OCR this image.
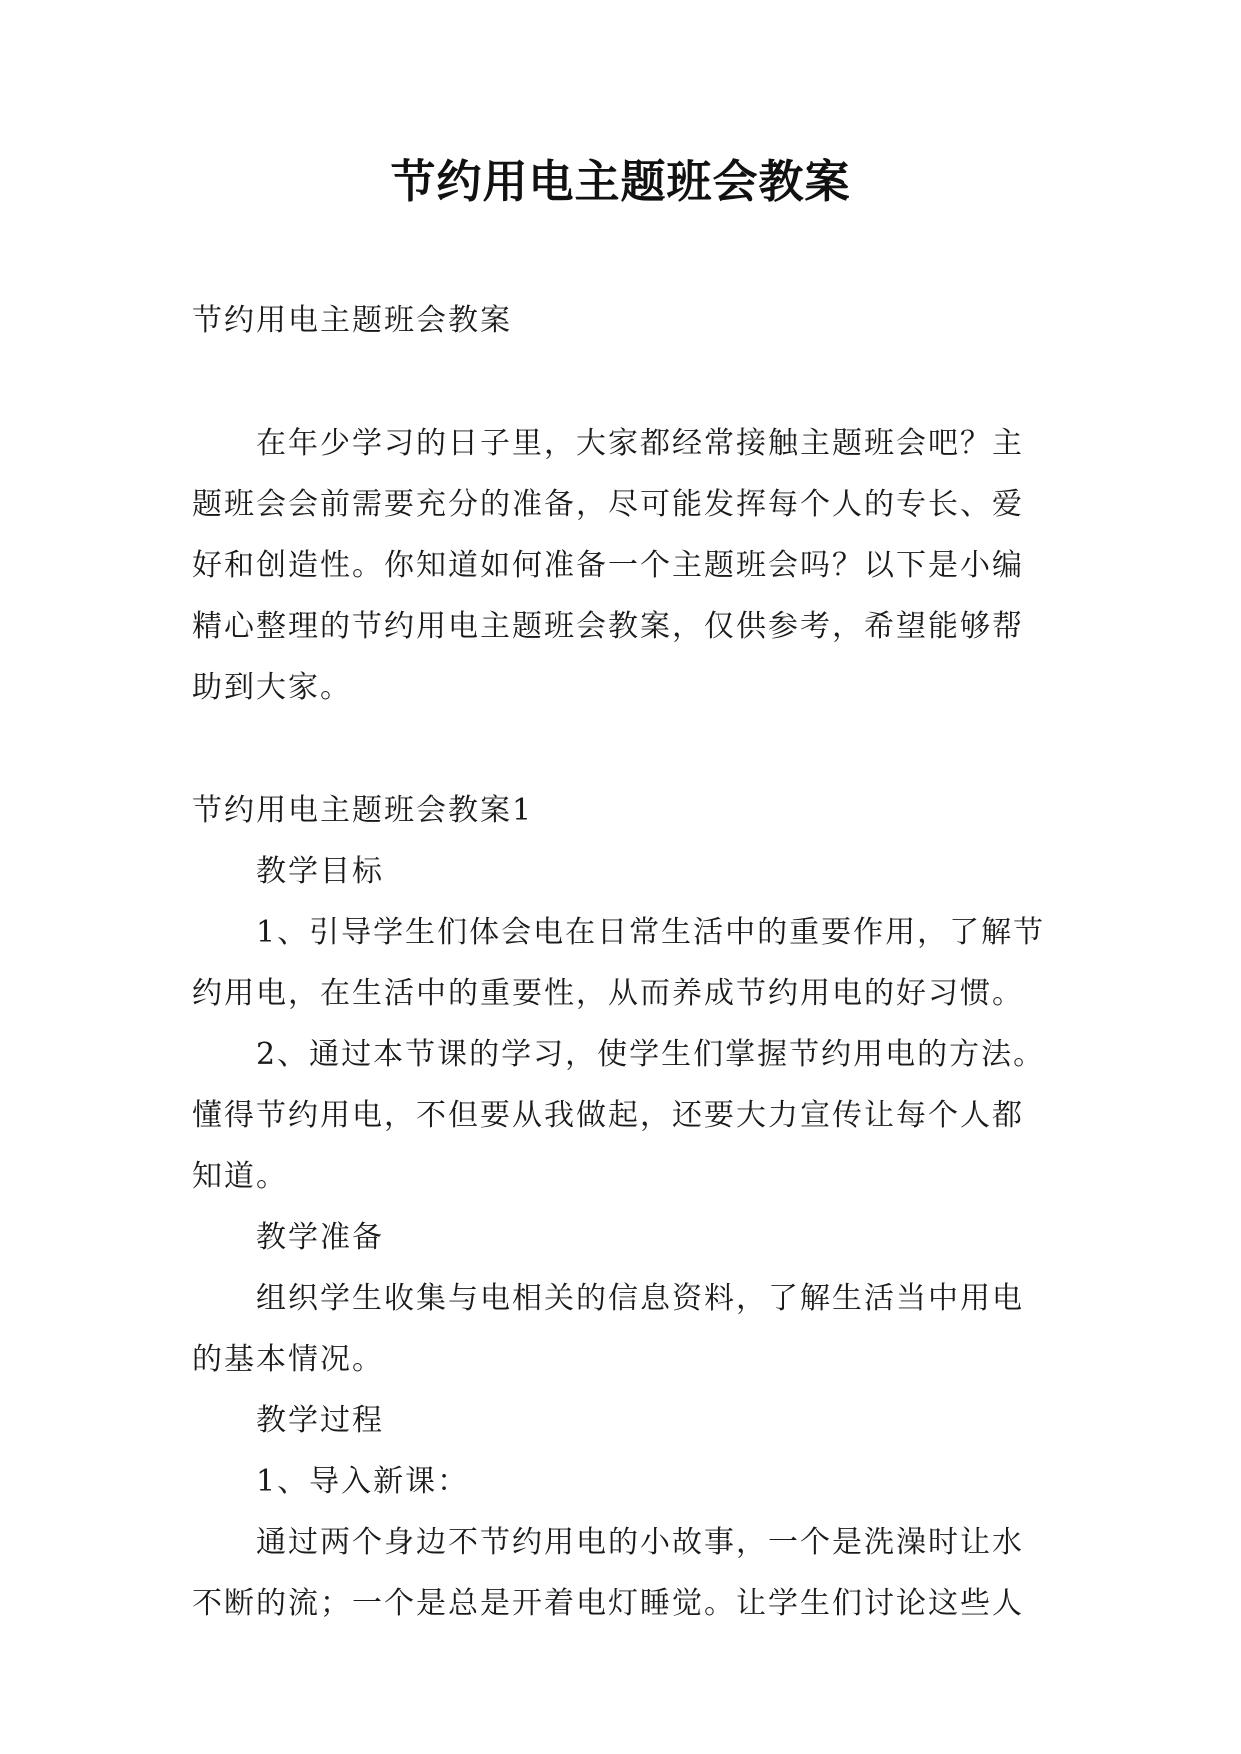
节约用电主题班会教案

节约用电主题班会教案

在年少学习的日子里，大家都经常接触主题班会吧？主题班会会前需要充分的准备，尽可能发挥每个人的专长、爱好和创造性。你知道如何准备一个主题班会吗？以下是小编精心整理的节约用电主题班会教案，仅供参考，希望能够帮助到大家。

节约用电主题班会教案1

教学目标

1、引导学生们体会电在日常生活中的重要作用，了解节约用电，在生活中的重要性，从而养成节约用电的好习惯。

2、通过本节课的学习，使学生们掌握节约用电的方法。懂得节约用电，不但要从我做起，还要大力宣传让每个人都知道。

教学准备

组织学生收集与电相关的信息资料，了解生活当中用电的基本情况。

教学过程

1、导入新课：

通过两个身边不节约用电的小故事，一个是洗澡时让水不断的流；一个是总是开着电灯睡觉。让学生们讨论这些人
